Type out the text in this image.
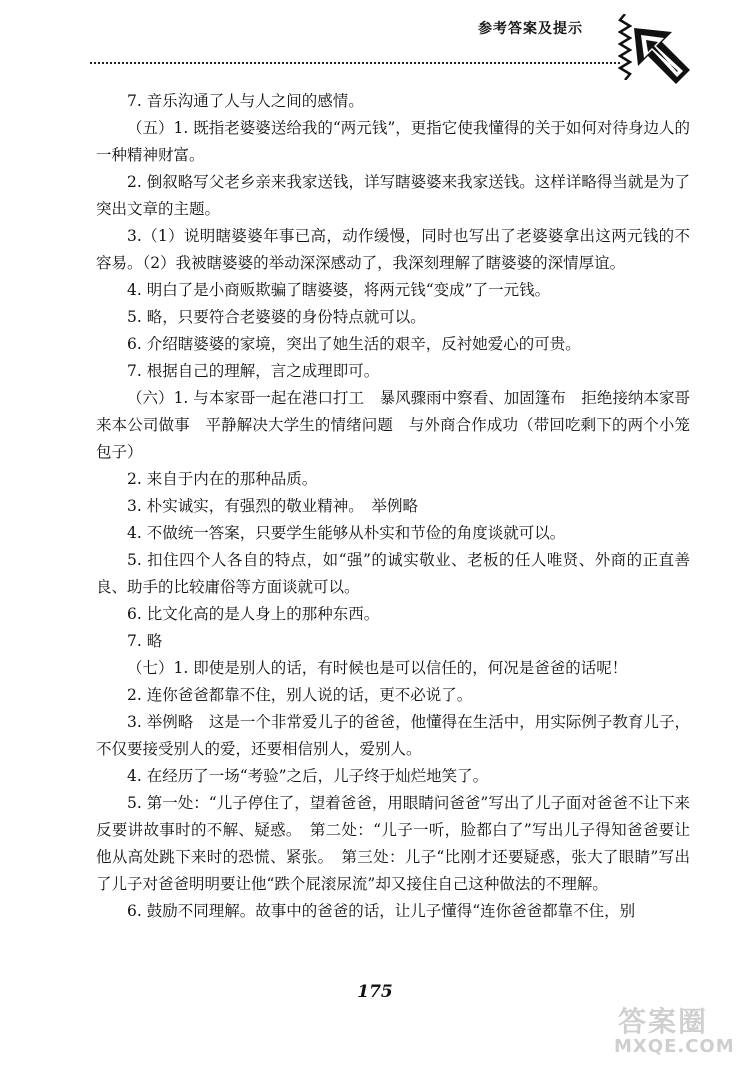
参考答案及提示

7. 音乐沟通了人与人之间的感情。

（五）1. 既指老婆婆送给我的“两元钱”，更指它使我懂得的关于如何对待身边人的一种精神财富。

2. 倒叙略写父老乡亲来我家送钱，详写瞎婆婆来我家送钱。这样详略得当就是为了突出文章的主题。

3.（1）说明瞎婆婆年事已高，动作缓慢，同时也写出了老婆婆拿出这两元钱的不容易。（2）我被瞎婆婆的举动深深感动了，我深刻理解了瞎婆婆的深情厚谊。

4. 明白了是小商贩欺骗了瞎婆婆，将两元钱“变成”了一元钱。

5. 略，只要符合老婆婆的身份特点就可以。

6. 介绍瞎婆婆的家境，突出了她生活的艰辛，反衬她爱心的可贵。

7. 根据自己的理解，言之成理即可。

（六）1. 与本家哥一起在港口打工　暴风骤雨中察看、加固篷布　拒绝接纳本家哥来本公司做事　平静解决大学生的情绪问题　与外商合作成功（带回吃剩下的两个小笼包子）

2. 来自于内在的那种品质。

3. 朴实诚实，有强烈的敬业精神。　举例略

4. 不做统一答案，只要学生能够从朴实和节俭的角度谈就可以。

5. 扣住四个人各自的特点，如“强”的诚实敬业、老板的任人唯贤、外商的正直善良、助手的比较庸俗等方面谈就可以。

6. 比文化高的是人身上的那种东西。

7. 略

（七）1. 即使是别人的话，有时候也是可以信任的，何况是爸爸的话呢！

2. 连你爸爸都靠不住，别人说的话，更不必说了。

3. 举例略　这是一个非常爱儿子的爸爸，他懂得在生活中，用实际例子教育儿子，不仅要接受别人的爱，还要相信别人，爱别人。

4. 在经历了一场“考验”之后，儿子终于灿烂地笑了。

5. 第一处：“儿子停住了，望着爸爸，用眼睛问爸爸”写出了儿子面对爸爸不让下来反要讲故事时的不解、疑惑。　第二处：“儿子一听，脸都白了”写出儿子得知爸爸要让他从高处跳下来时的恐慌、紧张。　第三处：儿子“比刚才还要疑惑，张大了眼睛”写出了儿子对爸爸明明要让他“跌个屁滚尿流”却又接住自己这种做法的不理解。

6. 鼓励不同理解。故事中的爸爸的话，让儿子懂得“连你爸爸都靠不住，别

175
答案圈
MXQE.COM
